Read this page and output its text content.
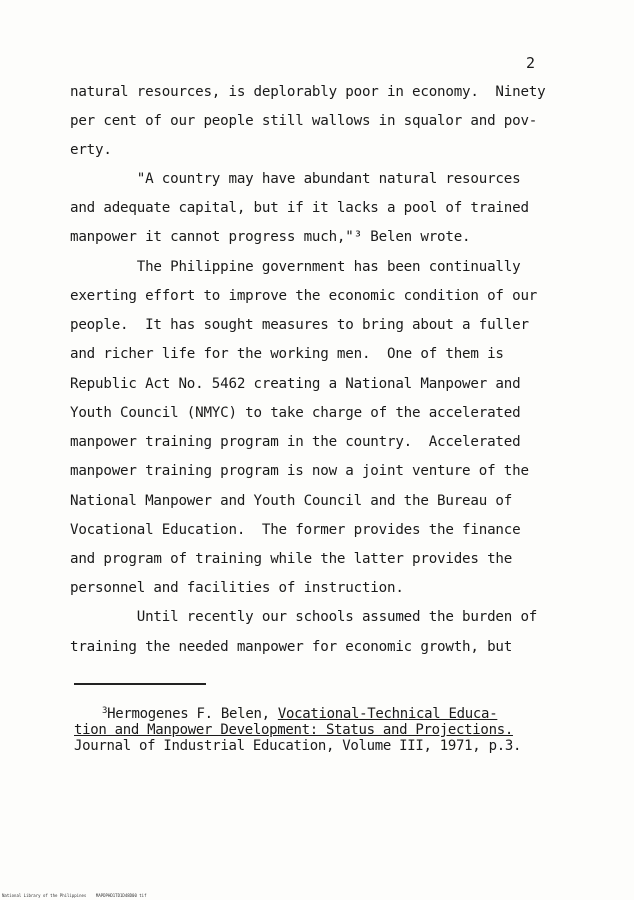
2
natural resources, is deplorably poor in economy.  Ninety
per cent of our people still wallows in squalor and pov-
erty.
"A country may have abundant natural resources
and adequate capital, but if it lacks a pool of trained
manpower it cannot progress much,"³ Belen wrote.
The Philippine government has been continually
exerting effort to improve the economic condition of our
people.  It has sought measures to bring about a fuller
and richer life for the working men.  One of them is
Republic Act No. 5462 creating a National Manpower and
Youth Council (NMYC) to take charge of the accelerated
manpower training program in the country.  Accelerated
manpower training program is now a joint venture of the
National Manpower and Youth Council and the Bureau of
Vocational Education.  The former provides the finance
and program of training while the latter provides the
personnel and facilities of instruction.
Until recently our schools assumed the burden of
training the needed manpower for economic growth, but
$^3$Hermogenes F. Belen, Vocational-Technical Educa-
tion and Manpower Development: Status and Projections.
Journal of Industrial Education, Volume III, 1971, p.3.
National Library of the Philippines    MAPDPHD1TD1D48D00 tif
